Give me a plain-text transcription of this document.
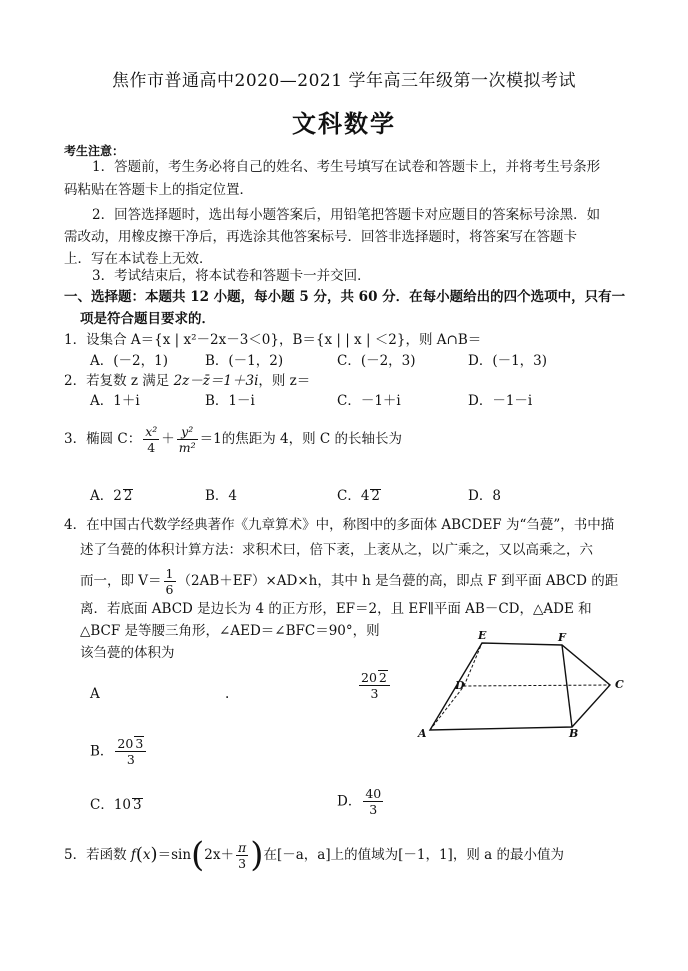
焦作市普通高中2020—2021 学年高三年级第一次模拟考试
文科数学
考生注意：
1．答题前，考生务必将自己的姓名、考生号填写在试卷和答题卡上，并将考生号条形
码粘贴在答题卡上的指定位置．
2．回答选择题时，选出每小题答案后，用铅笔把答题卡对应题目的答案标号涂黑．如
需改动，用橡皮擦干净后，再选涂其他答案标号．回答非选择题时，将答案写在答题卡
上．写在本试卷上无效．
3．考试结束后，将本试卷和答题卡一并交回．
一、选择题：本题共 12 小题，每小题 5 分，共 60 分．在每小题给出的四个选项中，只有一
项是符合题目要求的．
1．设集合 A＝{x | x²－2x－3＜0}，B＝{x | | x | ＜2}，则 A∩B＝
A．(－2，1)	B．(－1，2)	C．(－2，3)	D．(－1，3)
2．若复数 z 满足 2z－z̄＝1＋3i，则 z＝
A．1＋i	B．1－i	C．－1＋i	D．－1－i
3．椭圆 C： $\frac{\text{x²}}{4} + \frac{\text{y²}}{\text{m²}} =1$的焦距为 4，则 C 的长轴长为
A．2 2	B．4	C．4 2	D．8
4．在中国古代数学经典著作《九章算术》中，称图中的多面体 ABCDEF 为“刍甍”，书中描
述了刍甍的体积计算方法：求积术曰，倍下袤，上袤从之，以广乘之，又以高乘之，六
而一，即 $V= \frac{1}{6} (2AB+EF)\times AD\times h$，其中 h 是刍甍的高，即点 F 到平面 ABCD 的距
离．若底面 ABCD 是边长为 4 的正方形，EF＝2，且 EF∥平面 AB－CD，△ADE 和
△BCF 是等腰三角形，∠AED＝∠BFC＝90°，则
该刍甍的体积为
A	.	$\frac{20 2}{3}$
B． $\frac{20 3}{3}$
C．10 3	D． $\frac{40}{3}$
E	F
D	C
A	B
5．若函数 $f(x)=\sin(2x+ \frac{\pi}{3}$ )在[－a，a]上的值域为[－1，1]，则 a 的最小值为
